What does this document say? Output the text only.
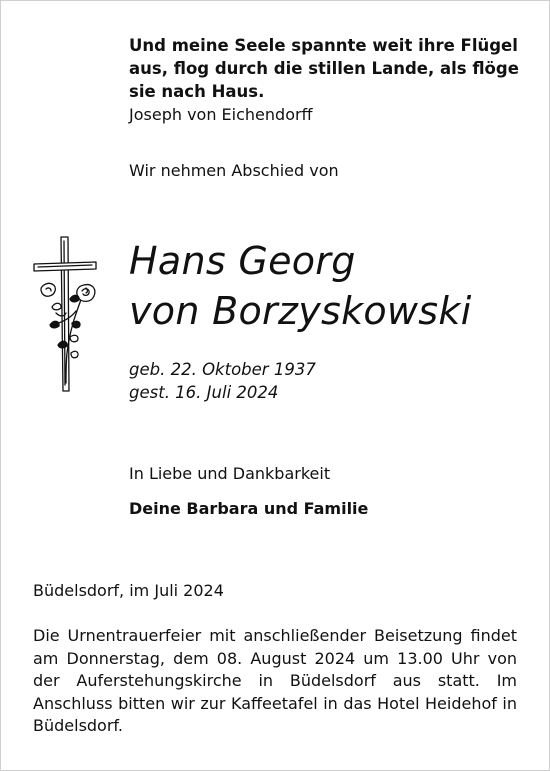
Und meine Seele spannte weit ihre Flügel
aus, flog durch die stillen Lande, als flöge
sie nach Haus.
Joseph von Eichendorff
Wir nehmen Abschied von
Hans Georg
von Borzyskowski
geb. 22. Oktober 1937
gest. 16. Juli 2024
In Liebe und Dankbarkeit
Deine Barbara und Familie
Büdelsdorf, im Juli 2024
Die Urnentrauerfeier mit anschließender Beisetzung findet am Donnerstag, dem 08. August 2024 um 13.00 Uhr von der Auferstehungskirche in Büdelsdorf aus statt. Im Anschluss bitten wir zur Kaffeetafel in das Hotel Heidehof in Büdelsdorf.
